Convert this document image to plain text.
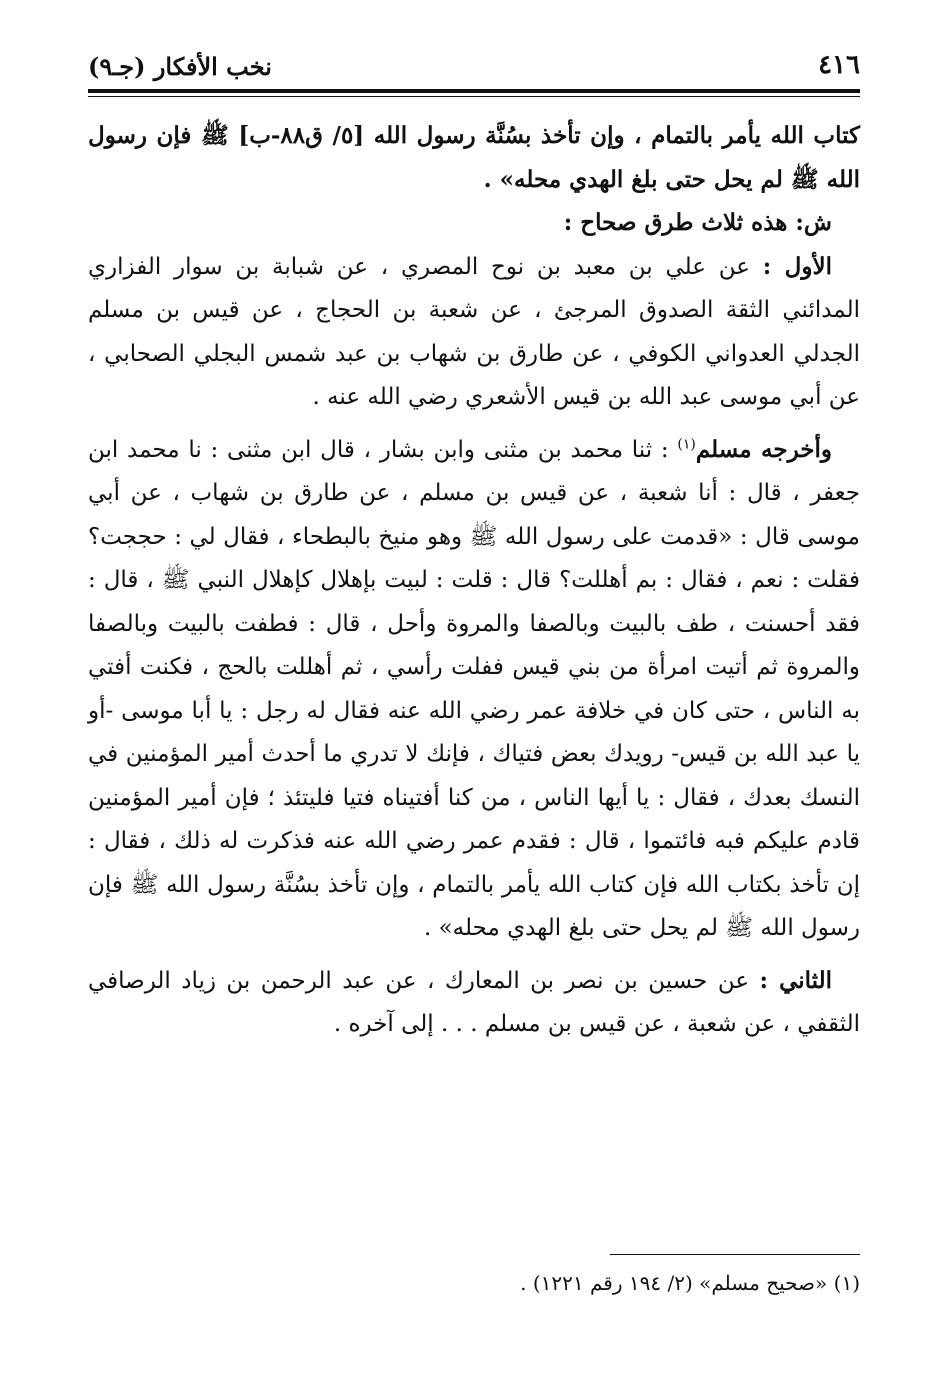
٤١٦
نخب الأفكار (جـ٩)

كتاب الله يأمر بالتمام ، وإن تأخذ بسُنَّة رسول الله [٥/ ق٨٨-ب] ﷺ فإن رسول الله ﷺ لم يحل حتى بلغ الهدي محله» .

ش: هذه ثلاث طرق صحاح :

الأول : عن علي بن معبد بن نوح المصري ، عن شبابة بن سوار الفزاري المدائني الثقة الصدوق المرجئ ، عن شعبة بن الحجاج ، عن قيس بن مسلم الجدلي العدواني الكوفي ، عن طارق بن شهاب بن عبد شمس البجلي الصحابي ، عن أبي موسى عبد الله بن قيس الأشعري رضي الله عنه .

وأخرجه مسلم$^{(١)}$ : ثنا محمد بن مثنى وابن بشار ، قال ابن مثنى : نا محمد ابن جعفر ، قال : أنا شعبة ، عن قيس بن مسلم ، عن طارق بن شهاب ، عن أبي موسى قال : «قدمت على رسول الله ﷺ وهو منيخ بالبطحاء ، فقال لي : حججت؟ فقلت : نعم ، فقال : بم أهللت؟ قال : قلت : لبيت بإهلال كإهلال النبي ﷺ ، قال : فقد أحسنت ، طف بالبيت وبالصفا والمروة وأحل ، قال : فطفت بالبيت وبالصفا والمروة ثم أتيت امرأة من بني قيس ففلت رأسي ، ثم أهللت بالحج ، فكنت أفتي به الناس ، حتى كان في خلافة عمر رضي الله عنه فقال له رجل : يا أبا موسى -أو يا عبد الله بن قيس- رويدك بعض فتياك ، فإنك لا تدري ما أحدث أمير المؤمنين في النسك بعدك ، فقال : يا أيها الناس ، من كنا أفتيناه فتيا فليتئذ ؛ فإن أمير المؤمنين قادم عليكم فبه فائتموا ، قال : فقدم عمر رضي الله عنه فذكرت له ذلك ، فقال : إن تأخذ بكتاب الله فإن كتاب الله يأمر بالتمام ، وإن تأخذ بسُنَّة رسول الله ﷺ فإن رسول الله ﷺ لم يحل حتى بلغ الهدي محله» .

الثاني : عن حسين بن نصر بن المعارك ، عن عبد الرحمن بن زياد الرصافي الثقفي ، عن شعبة ، عن قيس بن مسلم . . . إلى آخره .

(١) «صحيح مسلم» (٢/ ١٩٤ رقم ١٢٢١) .
